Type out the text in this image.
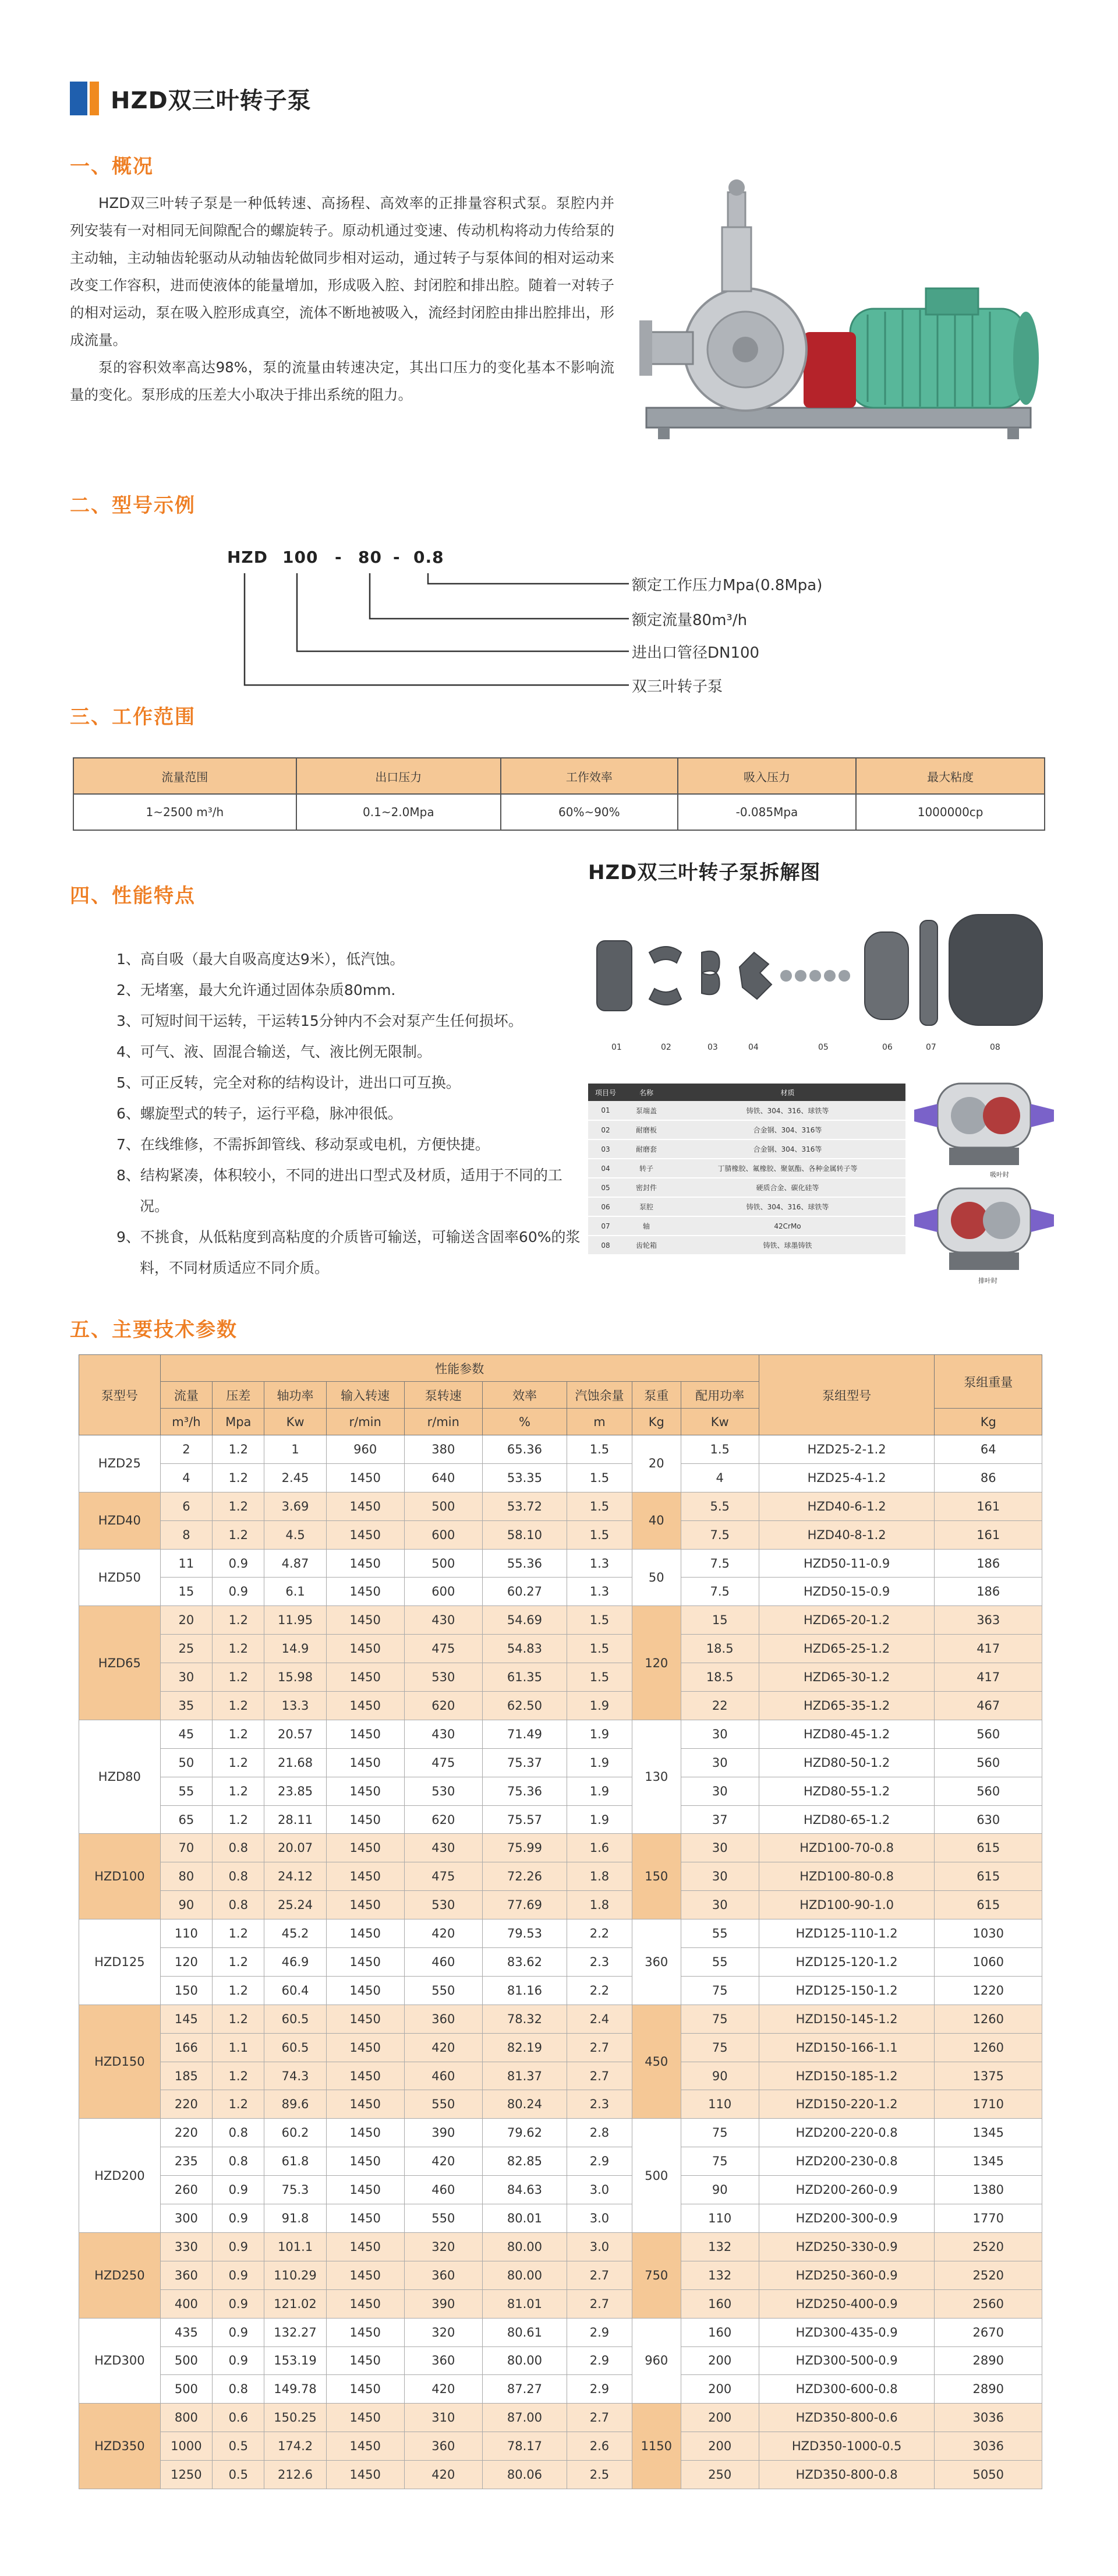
HZD双三叶转子泵
一、概况

HZD双三叶转子泵是一种低转速、高扬程、高效率的正排量容积式泵。泵腔内并列安装有一对相同无间隙配合的螺旋转子。原动机通过变速、传动机构将动力传给泵的主动轴，主动轴齿轮驱动从动轴齿轮做同步相对运动，通过转子与泵体间的相对运动来改变工作容积，进而使液体的能量增加，形成吸入腔、封闭腔和排出腔。随着一对转子的相对运动，泵在吸入腔形成真空，流体不断地被吸入，流经封闭腔由排出腔排出，形成流量。

泵的容积效率高达98%，泵的流量由转速决定，其出口压力的变化基本不影响流量的变化。泵形成的压差大小取决于排出系统的阻力。

二、型号示例
HZD 100 - 80 - 0.8
额定工作压力Mpa(0.8Mpa)
额定流量80m³/h
进出口管径DN100
双三叶转子泵
三、工作范围
流量范围	出口压力	工作效率	吸入压力	最大粘度
1~2500 m³/h	0.1~2.0Mpa	60%~90%	-0.085Mpa	1000000cp
四、性能特点
1、高自吸（最大自吸高度达9米），低汽蚀。
2、无堵塞，最大允许通过固体杂质80mm.
3、可短时间干运转，干运转15分钟内不会对泵产生任何损坏。
4、可气、液、固混合输送，气、液比例无限制。
5、可正反转，完全对称的结构设计，进出口可互换。
6、螺旋型式的转子，运行平稳，脉冲很低。
7、在线维修，不需拆卸管线、移动泵或电机，方便快捷。
8、结构紧凑，体积较小，不同的进出口型式及材质，适用于不同的工况。
9、不挑食，从低粘度到高粘度的介质皆可输送，可输送含固率60%的浆料，不同材质适应不同介质。
HZD双三叶转子泵拆解图
01	02	03	04	05	06	07	08
项目号	名称	材质
01	泵端盖	铸铁、304、316、球铁等
02	耐磨板	合金钢、304、316等
03	耐磨套	合金钢、304、316等
04	转子	丁腈橡胶、氟橡胶、聚氨酯、各种金属转子等
05	密封件	硬质合金、碳化硅等
06	泵腔	铸铁、304、316、球铁等
07	轴	42CrMo
08	齿轮箱	铸铁、球墨铸铁
吸叶时
排叶时
五、主要技术参数
泵型号	性能参数									泵组型号	泵组重量
	流量	压差	轴功率	输入转速	泵转速	效率	汽蚀余量	泵重	配用功率		
	m³/h	Mpa	Kw	r/min	r/min	%	m	Kg	Kw		Kg
HZD25	2	1.2	1	960	380	65.36	1.5	20	1.5	HZD25-2-1.2	64
	4	1.2	2.45	1450	640	53.35	1.5		4	HZD25-4-1.2	86
HZD40	6	1.2	3.69	1450	500	53.72	1.5	40	5.5	HZD40-6-1.2	161
	8	1.2	4.5	1450	600	58.10	1.5		7.5	HZD40-8-1.2	161
HZD50	11	0.9	4.87	1450	500	55.36	1.3	50	7.5	HZD50-11-0.9	186
	15	0.9	6.1	1450	600	60.27	1.3		7.5	HZD50-15-0.9	186
HZD65	20	1.2	11.95	1450	430	54.69	1.5	120	15	HZD65-20-1.2	363
	25	1.2	14.9	1450	475	54.83	1.5		18.5	HZD65-25-1.2	417
	30	1.2	15.98	1450	530	61.35	1.5		18.5	HZD65-30-1.2	417
	35	1.2	13.3	1450	620	62.50	1.9		22	HZD65-35-1.2	467
HZD80	45	1.2	20.57	1450	430	71.49	1.9	130	30	HZD80-45-1.2	560
	50	1.2	21.68	1450	475	75.37	1.9		30	HZD80-50-1.2	560
	55	1.2	23.85	1450	530	75.36	1.9		30	HZD80-55-1.2	560
	65	1.2	28.11	1450	620	75.57	1.9		37	HZD80-65-1.2	630
HZD100	70	0.8	20.07	1450	430	75.99	1.6	150	30	HZD100-70-0.8	615
	80	0.8	24.12	1450	475	72.26	1.8		30	HZD100-80-0.8	615
	90	0.8	25.24	1450	530	77.69	1.8		30	HZD100-90-1.0	615
HZD125	110	1.2	45.2	1450	420	79.53	2.2	360	55	HZD125-110-1.2	1030
	120	1.2	46.9	1450	460	83.62	2.3		55	HZD125-120-1.2	1060
	150	1.2	60.4	1450	550	81.16	2.2		75	HZD125-150-1.2	1220
HZD150	145	1.2	60.5	1450	360	78.32	2.4	450	75	HZD150-145-1.2	1260
	166	1.1	60.5	1450	420	82.19	2.7		75	HZD150-166-1.1	1260
	185	1.2	74.3	1450	460	81.37	2.7		90	HZD150-185-1.2	1375
	220	1.2	89.6	1450	550	80.24	2.3		110	HZD150-220-1.2	1710
HZD200	220	0.8	60.2	1450	390	79.62	2.8	500	75	HZD200-220-0.8	1345
	235	0.8	61.8	1450	420	82.85	2.9		75	HZD200-230-0.8	1345
	260	0.9	75.3	1450	460	84.63	3.0		90	HZD200-260-0.9	1380
	300	0.9	91.8	1450	550	80.01	3.0		110	HZD200-300-0.9	1770
HZD250	330	0.9	101.1	1450	320	80.00	3.0	750	132	HZD250-330-0.9	2520
	360	0.9	110.29	1450	360	80.00	2.7		132	HZD250-360-0.9	2520
	400	0.9	121.02	1450	390	81.01	2.7		160	HZD250-400-0.9	2560
HZD300	435	0.9	132.27	1450	320	80.61	2.9	960	160	HZD300-435-0.9	2670
	500	0.9	153.19	1450	360	80.00	2.9		200	HZD300-500-0.9	2890
	500	0.8	149.78	1450	420	87.27	2.9		200	HZD300-600-0.8	2890
HZD350	800	0.6	150.25	1450	310	87.00	2.7	1150	200	HZD350-800-0.6	3036
	1000	0.5	174.2	1450	360	78.17	2.6		200	HZD350-1000-0.5	3036
	1250	0.5	212.6	1450	420	80.06	2.5		250	HZD350-800-0.8	5050
